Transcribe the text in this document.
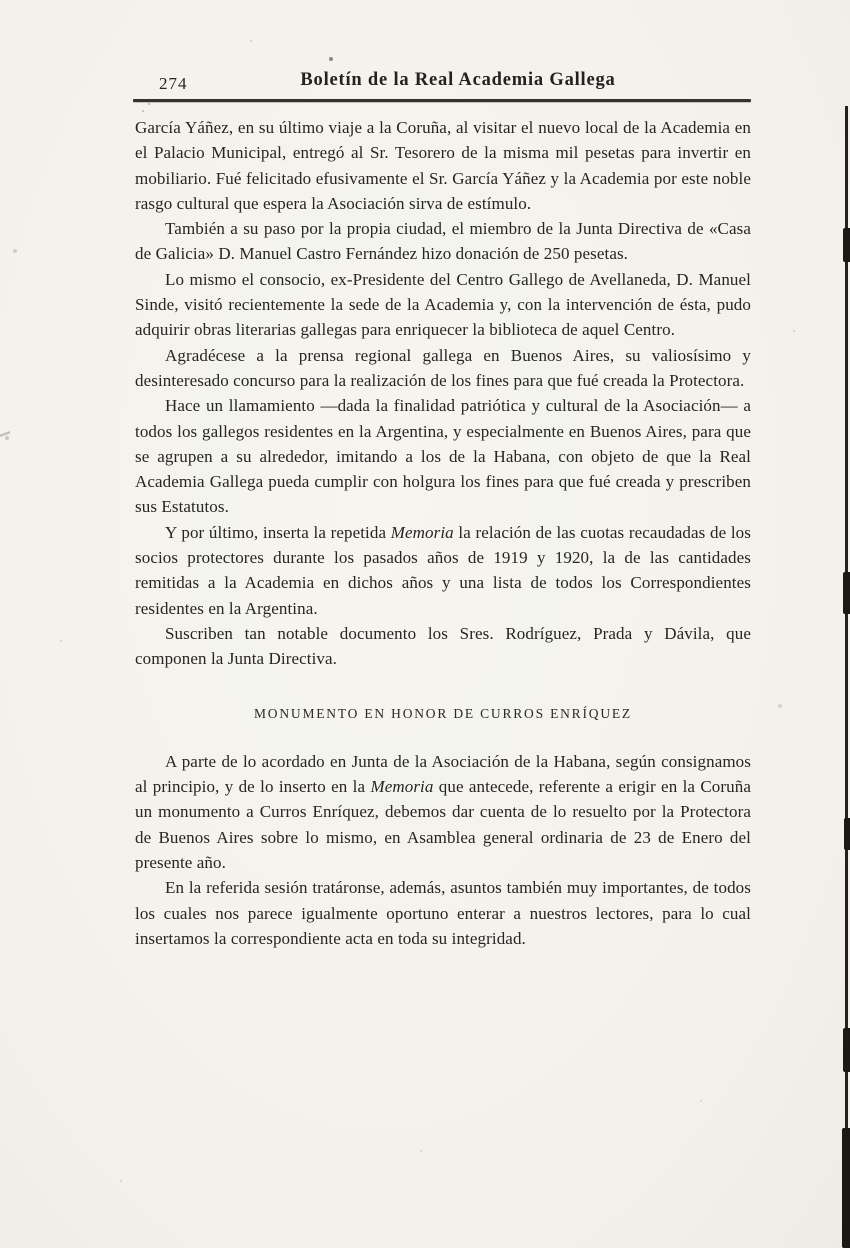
274	Boletín de la Real Academia Gallega

García Yáñez, en su último viaje a la Coruña, al visitar el nuevo local de la Academia en el Palacio Municipal, entregó al Sr. Tesorero de la misma mil pesetas para invertir en mobiliario. Fué felicitado efusivamente el Sr. García Yáñez y la Academia por este noble rasgo cultural que espera la Asociación sirva de estímulo.

También a su paso por la propia ciudad, el miembro de la Junta Directiva de «Casa de Galicia» D. Manuel Castro Fernández hizo donación de 250 pesetas.

Lo mismo el consocio, ex-Presidente del Centro Gallego de Avellaneda, D. Manuel Sinde, visitó recientemente la sede de la Academia y, con la intervención de ésta, pudo adquirir obras literarias gallegas para enriquecer la biblioteca de aquel Centro.

Agradécese a la prensa regional gallega en Buenos Aires, su valiosísimo y desinteresado concurso para la realización de los fines para que fué creada la Protectora.

Hace un llamamiento —dada la finalidad patriótica y cultural de la Asociación— a todos los gallegos residentes en la Argentina, y especialmente en Buenos Aires, para que se agrupen a su alrededor, imitando a los de la Habana, con objeto de que la Real Academia Gallega pueda cumplir con holgura los fines para que fué creada y prescriben sus Estatutos.

Y por último, inserta la repetida Memoria la relación de las cuotas recaudadas de los socios protectores durante los pasados años de 1919 y 1920, la de las cantidades remitidas a la Academia en dichos años y una lista de todos los Correspondientes residentes en la Argentina.

Suscriben tan notable documento los Sres. Rodríguez, Prada y Dávila, que componen la Junta Directiva.

MONUMENTO EN HONOR DE CURROS ENRÍQUEZ

A parte de lo acordado en Junta de la Asociación de la Habana, según consignamos al principio, y de lo inserto en la Memoria que antecede, referente a erigir en la Coruña un monumento a Curros Enríquez, debemos dar cuenta de lo resuelto por la Protectora de Buenos Aires sobre lo mismo, en Asamblea general ordinaria de 23 de Enero del presente año.

En la referida sesión tratáronse, además, asuntos también muy importantes, de todos los cuales nos parece igualmente oportuno enterar a nuestros lectores, para lo cual insertamos la correspondiente acta en toda su integridad.
